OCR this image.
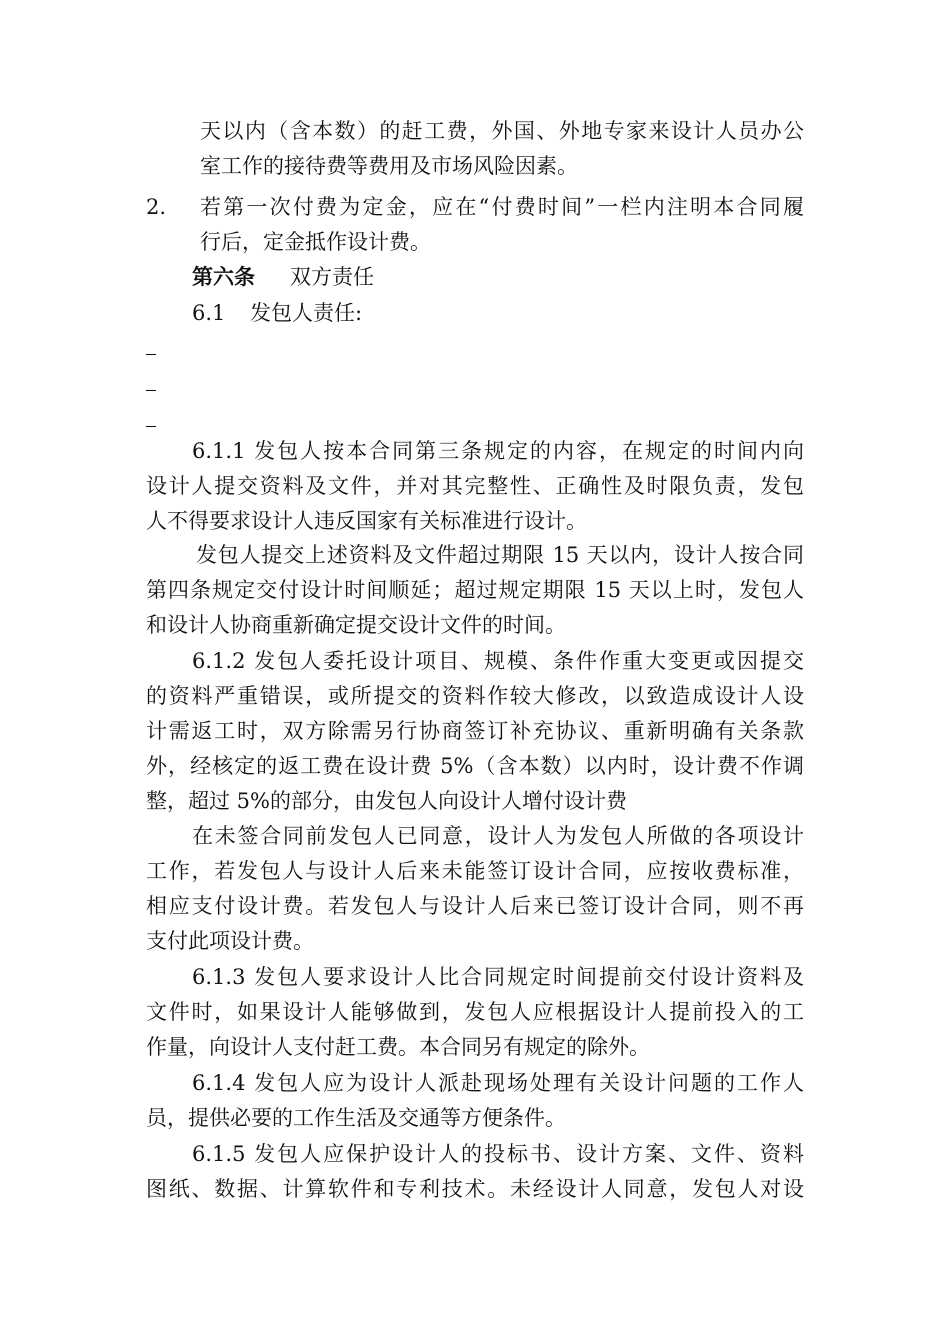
天以内（含本数）的赶工费，外国、外地专家来设计人员办公
室工作的接待费等费用及市场风险因素。
2. 若第一次付费为定金，应在“付费时间”一栏内注明本合同履
行后，定金抵作设计费。
第六条 双方责任
6.1 发包人责任:
6.1.1 发包人按本合同第三条规定的内容，在规定的时间内向
设计人提交资料及文件，并对其完整性、正确性及时限负责，发包
人不得要求设计人违反国家有关标准进行设计。
发包人提交上述资料及文件超过期限 15 天以内，设计人按合同
第四条规定交付设计时间顺延；超过规定期限 15 天以上时，发包人
和设计人协商重新确定提交设计文件的时间。
6.1.2 发包人委托设计项目、规模、条件作重大变更或因提交
的资料严重错误，或所提交的资料作较大修改，以致造成设计人设
计需返工时，双方除需另行协商签订补充协议、重新明确有关条款
外，经核定的返工费在设计费 5%（含本数）以内时，设计费不作调
整，超过 5%的部分，由发包人向设计人增付设计费
在未签合同前发包人已同意，设计人为发包人所做的各项设计
工作，若发包人与设计人后来未能签订设计合同，应按收费标准，
相应支付设计费。若发包人与设计人后来已签订设计合同，则不再
支付此项设计费。
6.1.3 发包人要求设计人比合同规定时间提前交付设计资料及
文件时，如果设计人能够做到，发包人应根据设计人提前投入的工
作量，向设计人支付赶工费。本合同另有规定的除外。
6.1.4 发包人应为设计人派赴现场处理有关设计问题的工作人
员，提供必要的工作生活及交通等方便条件。
6.1.5 发包人应保护设计人的投标书、设计方案、文件、资料
图纸、数据、计算软件和专利技术。未经设计人同意，发包人对设
